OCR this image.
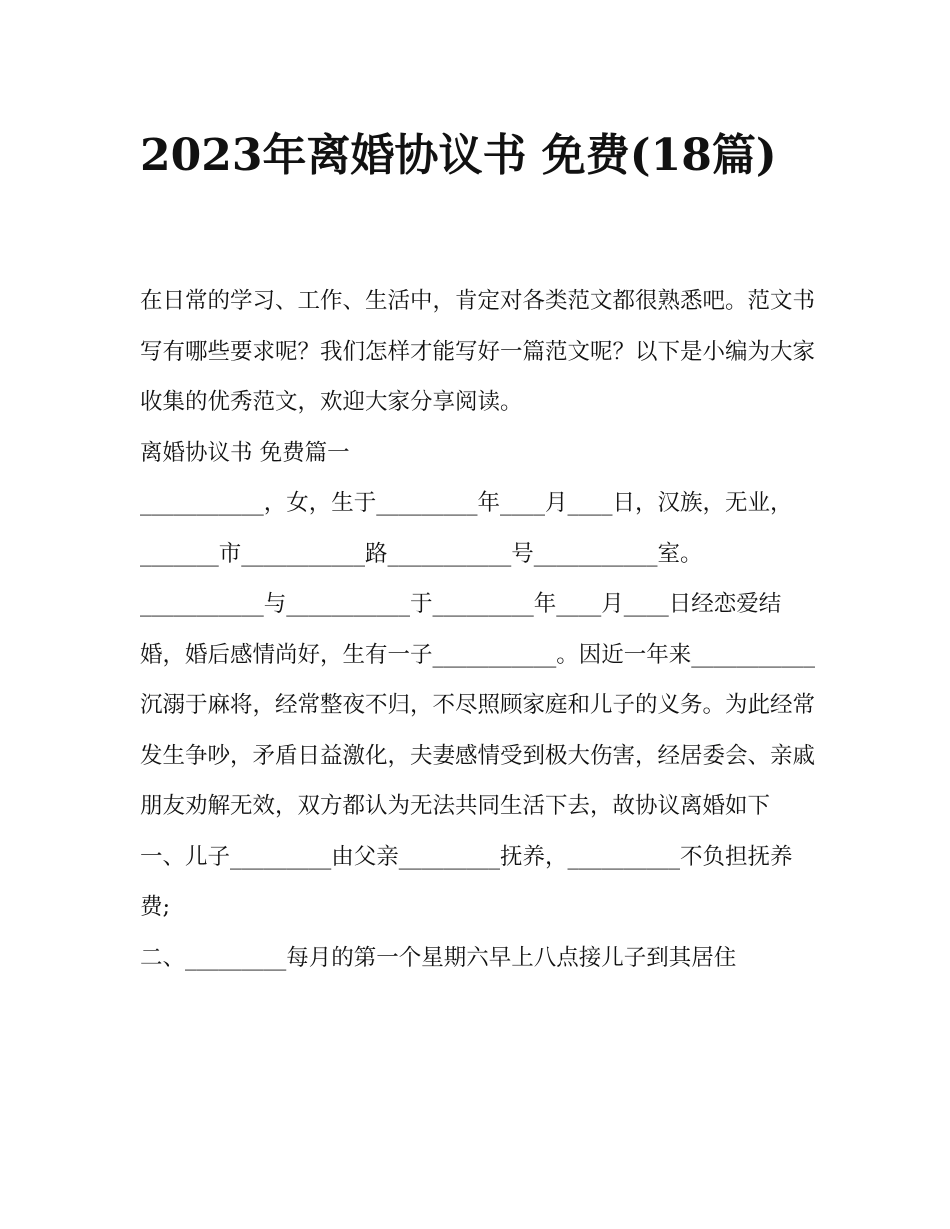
2023年离婚协议书 免费(18篇)

在日常的学习、工作、生活中，肯定对各类范文都很熟悉吧。范文书写有哪些要求呢？我们怎样才能写好一篇范文呢？以下是小编为大家收集的优秀范文，欢迎大家分享阅读。

离婚协议书 免费篇一

___________，女，生于_________年____月____日，汉族，无业，_______市___________路___________号___________室。

___________与___________于_________年____月____日经恋爱结婚，婚后感情尚好，生有一子___________。因近一年来___________沉溺于麻将，经常整夜不归，不尽照顾家庭和儿子的义务。为此经常发生争吵，矛盾日益激化，夫妻感情受到极大伤害，经居委会、亲戚朋友劝解无效，双方都认为无法共同生活下去，故协议离婚如下

一、儿子_________由父亲_________抚养，__________不负担抚养费;

二、_________每月的第一个星期六早上八点接儿子到其居住
